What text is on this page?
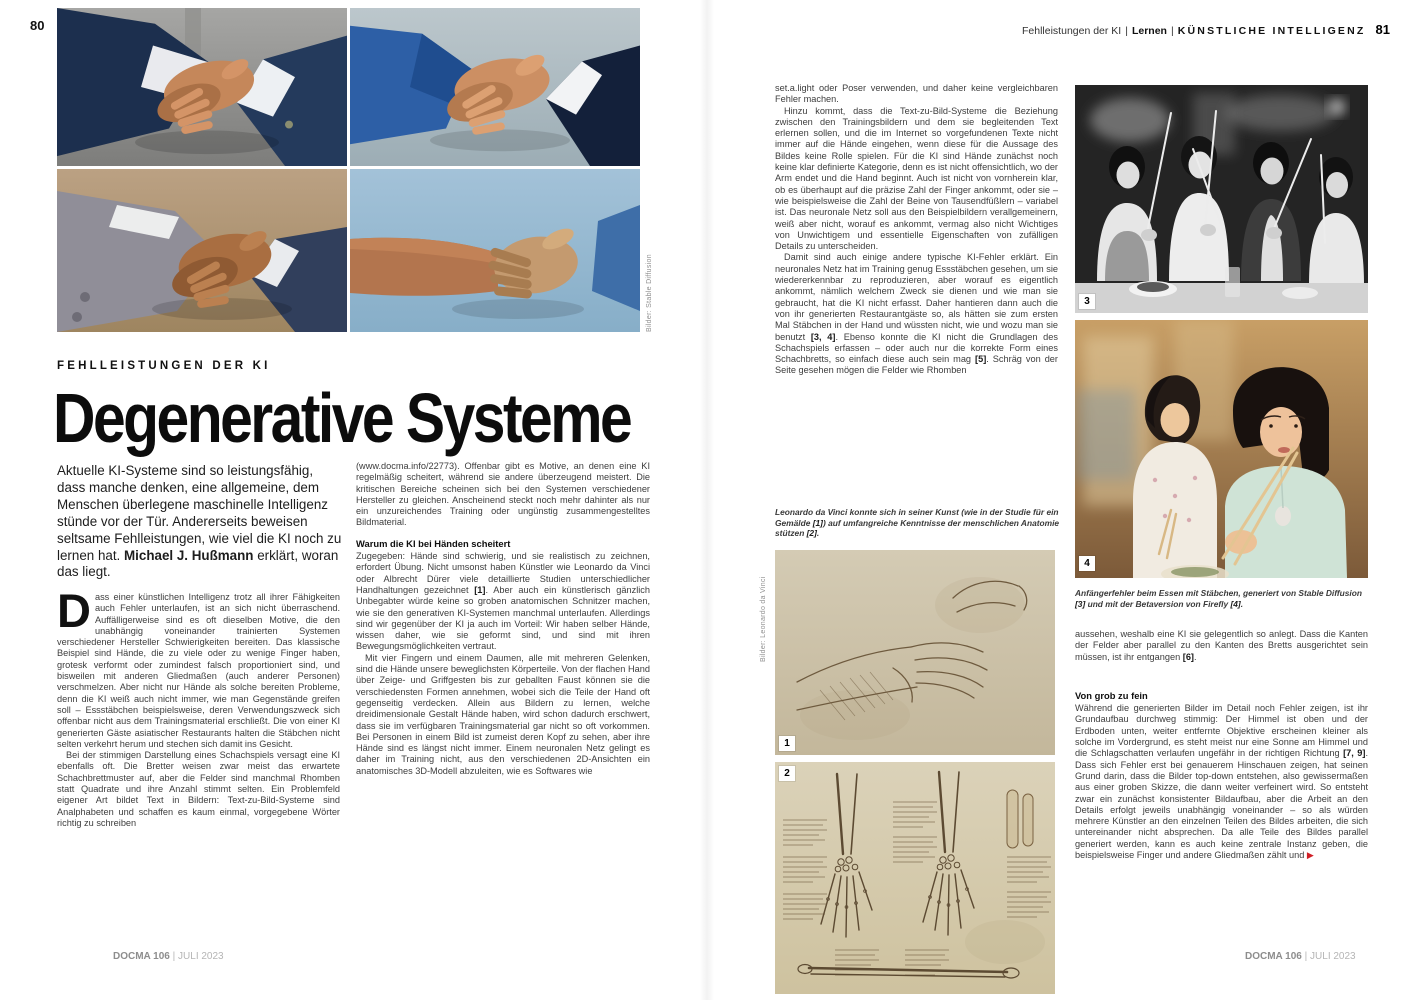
80
Bilder: Stable Diffusion
FEHLLEISTUNGEN DER KI
Degenerative Systeme
Aktuelle KI-Systeme sind so leistungsfähig, dass manche denken, eine allgemeine, dem Menschen überlegene maschinelle Intelligenz stünde vor der Tür. Andererseits beweisen seltsame Fehlleistungen, wie viel die KI noch zu lernen hat. Michael J. Hußmann erklärt, woran das liegt.

Dass einer künstlichen Intelligenz trotz all ihrer Fähigkeiten auch Fehler unterlaufen, ist an sich nicht überraschend. Auffälligerweise sind es oft dieselben Motive, die den unabhängig voneinander trainierten Systemen verschiedener Hersteller Schwierigkeiten bereiten. Das klassische Beispiel sind Hände, die zu viele oder zu wenige Finger haben, grotesk verformt oder zumindest falsch proportioniert sind, und bisweilen mit anderen Gliedmaßen (auch anderer Personen) verschmelzen. Aber nicht nur Hände als solche bereiten Probleme, denn die KI weiß auch nicht immer, wie man Gegenstände greifen soll – Essstäbchen beispielsweise, deren Verwendungszweck sich offenbar nicht aus dem Trainingsmaterial erschließt. Die von einer KI generierten Gäste asiatischer Restaurants halten die Stäbchen nicht selten verkehrt herum und stechen sich damit ins Gesicht.

Bei der stimmigen Darstellung eines Schachspiels versagt eine KI ebenfalls oft. Die Bretter weisen zwar meist das erwartete Schachbrettmuster auf, aber die Felder sind manchmal Rhomben statt Quadrate und ihre Anzahl stimmt selten. Ein Problemfeld eigener Art bildet Text in Bildern: Text-zu-Bild-Systeme sind Analphabeten und schaffen es kaum einmal, vorgegebene Wörter richtig zu schreiben

(www.docma.info/22773). Offenbar gibt es Motive, an denen eine KI regelmäßig scheitert, während sie andere überzeugend meistert. Die kritischen Bereiche scheinen sich bei den Systemen verschiedener Hersteller zu gleichen. Anscheinend steckt noch mehr dahinter als nur ein unzureichendes Training oder ungünstig zusammengestelltes Bildmaterial.

Warum die KI bei Händen scheitert

Zugegeben: Hände sind schwierig, und sie realistisch zu zeichnen, erfordert Übung. Nicht umsonst haben Künstler wie Leonardo da Vinci oder Albrecht Dürer viele detaillierte Studien unterschiedlicher Handhaltungen gezeichnet [1]. Aber auch ein künstlerisch gänzlich Unbegabter würde keine so groben anatomischen Schnitzer machen, wie sie den generativen KI-Systemen manchmal unterlaufen. Allerdings sind wir gegenüber der KI ja auch im Vorteil: Wir haben selber Hände, wissen daher, wie sie geformt sind, und sind mit ihren Bewegungsmöglichkeiten vertraut.

Mit vier Fingern und einem Daumen, alle mit mehreren Gelenken, sind die Hände unsere beweglichsten Körperteile. Von der flachen Hand über Zeige- und Griffgesten bis zur geballten Faust können sie die verschiedensten Formen annehmen, wobei sich die Teile der Hand oft gegenseitig verdecken. Allein aus Bildern zu lernen, welche dreidimensionale Gestalt Hände haben, wird schon dadurch erschwert, dass sie im verfügbaren Trainingsmaterial gar nicht so oft vorkommen. Bei Personen in einem Bild ist zumeist deren Kopf zu sehen, aber ihre Hände sind es längst nicht immer. Einem neuronalen Netz gelingt es daher im Training nicht, aus den verschiedenen 2D-Ansichten ein anatomisches 3D-Modell abzuleiten, wie es Softwares wie

DOCMA 106 | JULI 2023
Fehlleistungen der KI | Lernen | KÜNSTLICHE INTELLIGENZ 81

set.a.light oder Poser verwenden, und daher keine vergleichbaren Fehler machen.

Hinzu kommt, dass die Text-zu-Bild-Systeme die Beziehung zwischen den Trainingsbildern und dem sie begleitenden Text erlernen sollen, und die im Internet so vorgefundenen Texte nicht immer auf die Hände eingehen, wenn diese für die Aussage des Bildes keine Rolle spielen. Für die KI sind Hände zunächst noch keine klar definierte Kategorie, denn es ist nicht offensichtlich, wo der Arm endet und die Hand beginnt. Auch ist nicht von vornherein klar, ob es überhaupt auf die präzise Zahl der Finger ankommt, oder sie – wie beispielsweise die Zahl der Beine von Tausendfüßlern – variabel ist. Das neuronale Netz soll aus den Beispielbildern verallgemeinern, weiß aber nicht, worauf es ankommt, vermag also nicht Wichtiges von Unwichtigem und essentielle Eigenschaften von zufälligen Details zu unterscheiden.

Damit sind auch einige andere typische KI-Fehler erklärt. Ein neuronales Netz hat im Training genug Essstäbchen gesehen, um sie wiedererkennbar zu reproduzieren, aber worauf es eigentlich ankommt, nämlich welchem Zweck sie dienen und wie man sie gebraucht, hat die KI nicht erfasst. Daher hantieren dann auch die von ihr generierten Restaurantgäste so, als hätten sie zum ersten Mal Stäbchen in der Hand und wüssten nicht, wie und wozu man sie benutzt [3, 4]. Ebenso konnte die KI nicht die Grundlagen des Schachspiels erfassen – oder auch nur die korrekte Form eines Schachbretts, so einfach diese auch sein mag [5]. Schräg von der Seite gesehen mögen die Felder wie Rhomben

Leonardo da Vinci konnte sich in seiner Kunst (wie in der Studie für ein Gemälde [1]) auf umfangreiche Kenntnisse der menschlichen Anatomie stützen [2].
1
2
Bilder: Leonardo da Vinci
3
4
Anfängerfehler beim Essen mit Stäbchen, generiert von Stable Diffusion [3] und mit der Betaversion von Firefly [4].

aussehen, weshalb eine KI sie gelegentlich so anlegt. Dass die Kanten der Felder aber parallel zu den Kanten des Bretts ausgerichtet sein müssen, ist ihr entgangen [6].

Von grob zu fein

Während die generierten Bilder im Detail noch Fehler zeigen, ist ihr Grundaufbau durchweg stimmig: Der Himmel ist oben und der Erdboden unten, weiter entfernte Objektive erscheinen kleiner als solche im Vordergrund, es steht meist nur eine Sonne am Himmel und die Schlagschatten verlaufen ungefähr in der richtigen Richtung [7, 9]. Dass sich Fehler erst bei genauerem Hinschauen zeigen, hat seinen Grund darin, dass die Bilder top-down entstehen, also gewissermaßen aus einer groben Skizze, die dann weiter verfeinert wird. So entsteht zwar ein zunächst konsistenter Bildaufbau, aber die Arbeit an den Details erfolgt jeweils unabhängig voneinander – so als würden mehrere Künstler an den einzelnen Teilen des Bildes arbeiten, die sich untereinander nicht absprechen. Da alle Teile des Bildes parallel generiert werden, kann es auch keine zentrale Instanz geben, die beispielsweise Finger und andere Gliedmaßen zählt und ▶

DOCMA 106 | JULI 2023
